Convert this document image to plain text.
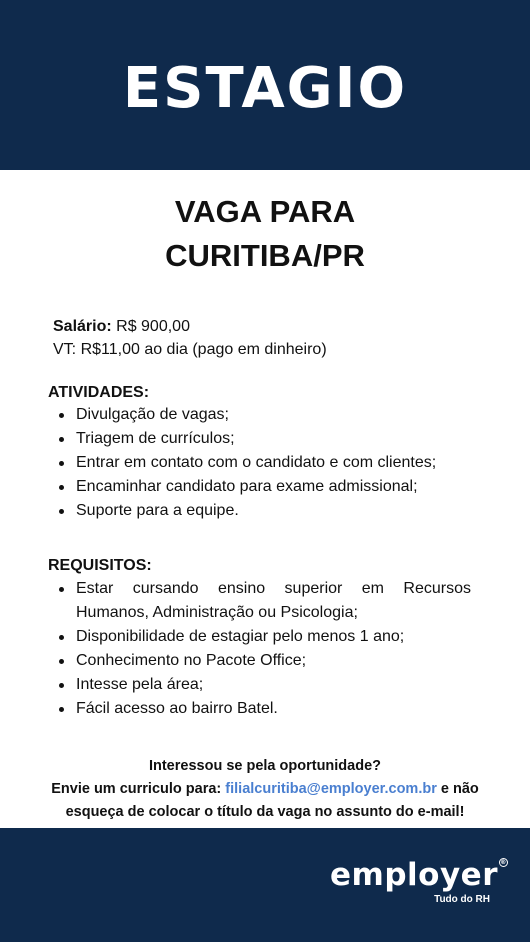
ESTAGIO
VAGA PARA
CURITIBA/PR
Salário: R$ 900,00
VT: R$11,00 ao dia (pago em dinheiro)
ATIVIDADES:
Divulgação de vagas;
Triagem de currículos;
Entrar em contato com o candidato e com clientes;
Encaminhar candidato para exame admissional;
Suporte para a equipe.
REQUISITOS:
Estar cursando ensino superior em Recursos Humanos, Administração ou Psicologia;
Disponibilidade de estagiar pelo menos 1 ano;
Conhecimento no Pacote Office;
Intesse pela área;
Fácil acesso ao bairro Batel.
Interessou se pela oportunidade?
Envie um curriculo para: filialcuritiba@employer.com.br e não
esqueça de colocar o título da vaga no assunto do e-mail!
employer ®
Tudo do RH
